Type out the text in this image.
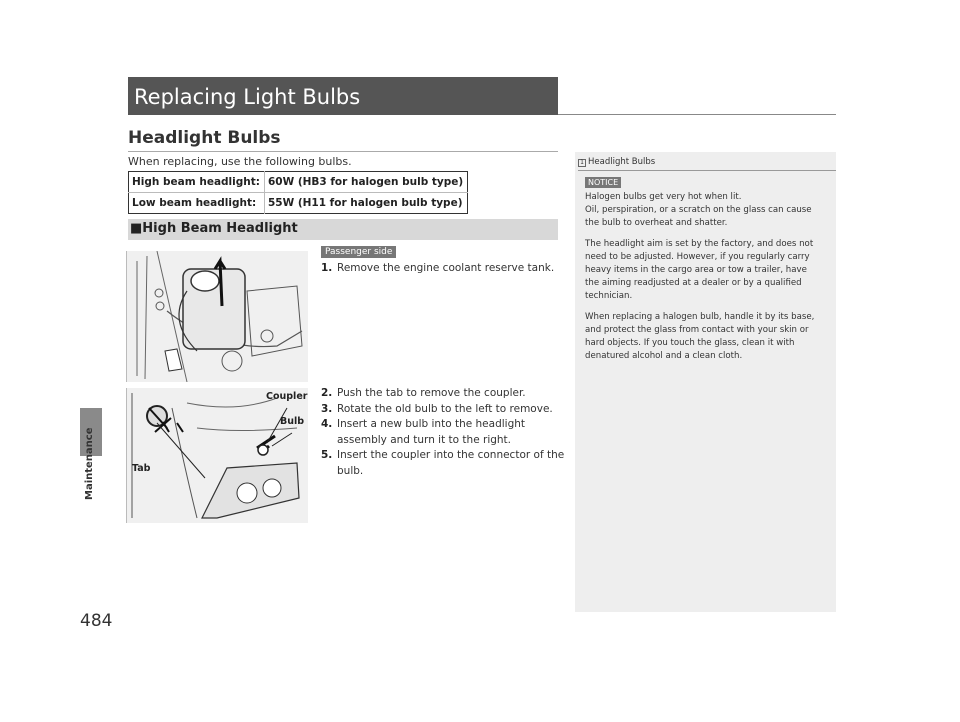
Maintenance
484
Replacing Light Bulbs
Headlight Bulbs
When replacing, use the following bulbs.
High beam headlight:	60W (HB3 for halogen bulb type)
Low beam headlight:	55W (H11 for halogen bulb type)
■High Beam Headlight
Passenger side
Coupler
Bulb
Tab
1. Remove the engine coolant reserve tank.
2. Push the tab to remove the coupler.
3. Rotate the old bulb to the left to remove.
4. Insert a new bulb into the headlight
assembly and turn it to the right.
5. Insert the coupler into the connector of the
bulb.
1 Headlight Bulbs
NOTICE

Halogen bulbs get very hot when lit.
Oil, perspiration, or a scratch on the glass can cause
the bulb to overheat and shatter.

The headlight aim is set by the factory, and does not
need to be adjusted. However, if you regularly carry
heavy items in the cargo area or tow a trailer, have
the aiming readjusted at a dealer or by a qualified
technician.

When replacing a halogen bulb, handle it by its base,
and protect the glass from contact with your skin or
hard objects. If you touch the glass, clean it with
denatured alcohol and a clean cloth.
